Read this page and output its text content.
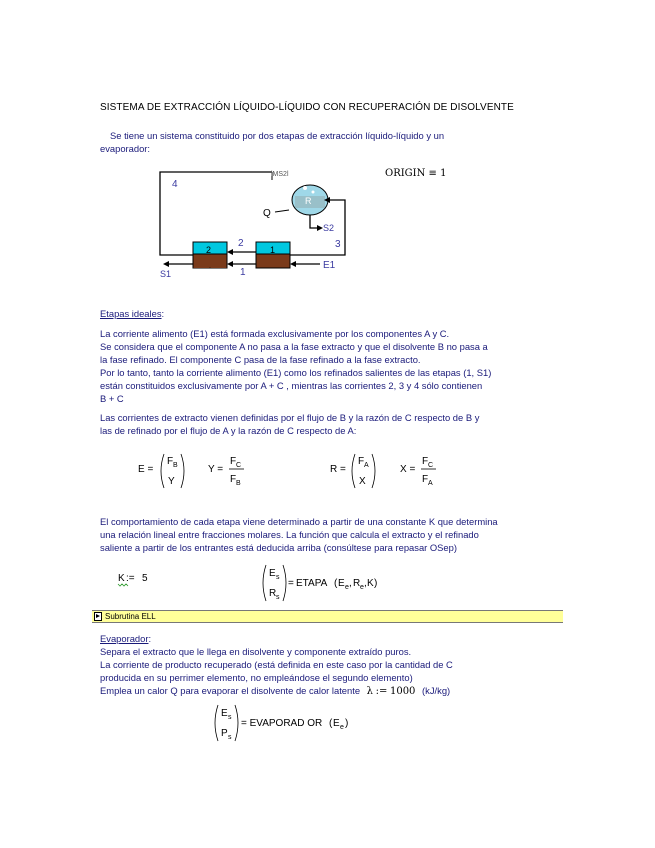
SISTEMA DE EXTRACCIÓN LÍQUIDO-LÍQUIDO CON RECUPERACIÓN DE DISOLVENTE
Se tiene un sistema constituido por dos etapas de extracción líquido-líquido y un
evaporador:
ORIGIN ≡ 1
4
lMS2l
R
Q
S2
3
2	1
2
1
S1
E1
Etapas ideales:
La corriente alimento (E1) está formada exclusivamente por los componentes A y C.
Se considera que el componente A no pasa a la fase extracto y que el disolvente B no pasa a
la fase refinado. El componente C pasa de la fase refinado a la fase extracto.
Por lo tanto, tanto la corriente alimento (E1) como los refinados salientes de las etapas (1, S1)
están constituidos exclusivamente por A + C , mientras las corrientes 2, 3 y 4 sólo contienen
B + C
Las corrientes de extracto vienen definidas por el flujo de B y la razón de C respecto de B y
las de refinado por el flujo de A y la razón de C respecto de A:
E =
F B
Y
Y =
F C
F B
R =
F A
X
X =
F C
F A
El comportamiento de cada etapa viene determinado a partir de una constante K que determina
una relación lineal entre fracciones molares. La función que calcula el extracto y el refinado
saliente a partir de los entrantes está deducida arriba (consúltese para repasar OSep)
K := 5	E s
R s
= ETAPA ( E e , R e , K )
Subrutina ELL
Evaporador:
Separa el extracto que le llega en disolvente y componente extraído puros.
La corriente de producto recuperado (está definida en este caso por la cantidad de C
producida en su perrimer elemento, no empleándose el segundo elemento)
Emplea un calor Q para evaporar el disolvente de calor latente λ := 1000 (kJ/kg)
E s
P s
= EVAPORAD OR ( E e )
